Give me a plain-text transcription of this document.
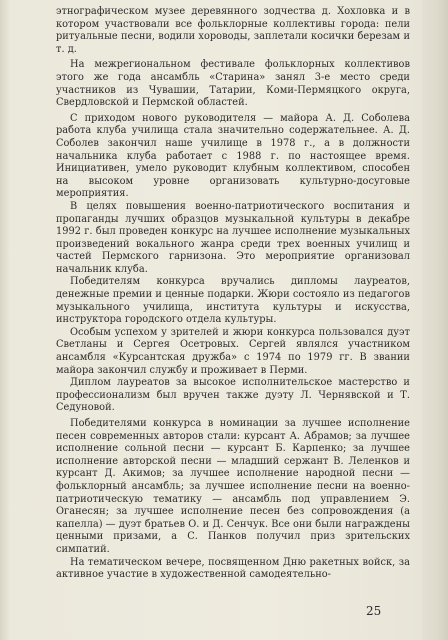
этнографическом музее деревянного зодчества д. Хохловка и в котором участвовали все фольклорные коллективы города: пели ритуальные песни, водили хороводы, заплетали косички березам и т. д.

На межрегиональном фестивале фольклорных коллективов этого же года ансамбль «Старина» занял 3-е место среди участников из Чувашии, Татарии, Коми-Пермяцкого округа, Свердловской и Пермской областей.

С приходом нового руководителя — майора А. Д. Соболева работа клуба училища стала значительно содержательнее. А. Д. Соболев закончил наше училище в 1978 г., а в должности начальника клуба работает с 1988 г. по настоящее время. Инициативен, умело руководит клубным коллективом, способен на высоком уровне организовать культурно-досуговые мероприятия.

В целях повышения военно-патриотического воспитания и пропаганды лучших образцов музыкальной культуры в декабре 1992 г. был проведен конкурс на лучшее исполнение музыкальных произведений вокального жанра среди трех военных училищ и частей Пермского гарнизона. Это мероприятие организовал начальник клуба.

Победителям конкурса вручались дипломы лауреатов, денежные премии и ценные подарки. Жюри состояло из педагогов музыкального училища, института культуры и искусства, инструктора городского отдела культуры.

Особым успехом у зрителей и жюри конкурса пользовался дуэт Светланы и Сергея Осетровых. Сергей являлся участником ансамбля «Курсантская дружба» с 1974 по 1979 гг. В звании майора закончил службу и проживает в Перми.

Диплом лауреатов за высокое исполнительское мастерство и профессионализм был вручен также дуэту Л. Чернявской и Т. Седуновой.

Победителями конкурса в номинации за лучшее исполнение песен современных авторов стали: курсант А. Абрамов; за лучшее исполнение сольной песни — курсант Б. Карпенко; за лучшее исполнение авторской песни — младший сержант В. Леленков и курсант Д. Акимов; за лучшее исполнение народной песни — фольклорный ансамбль; за лучшее исполнение песни на военно-патриотическую тематику — ансамбль под управлением Э. Оганесян; за лучшее исполнение песен без сопровождения (а капелла) — дуэт братьев О. и Д. Сенчук. Все они были награждены ценными призами, а С. Панков получил приз зрительских симпатий.

На тематическом вечере, посвященном Дню ракетных войск, за активное участие в художественной самодеятельно-

25
